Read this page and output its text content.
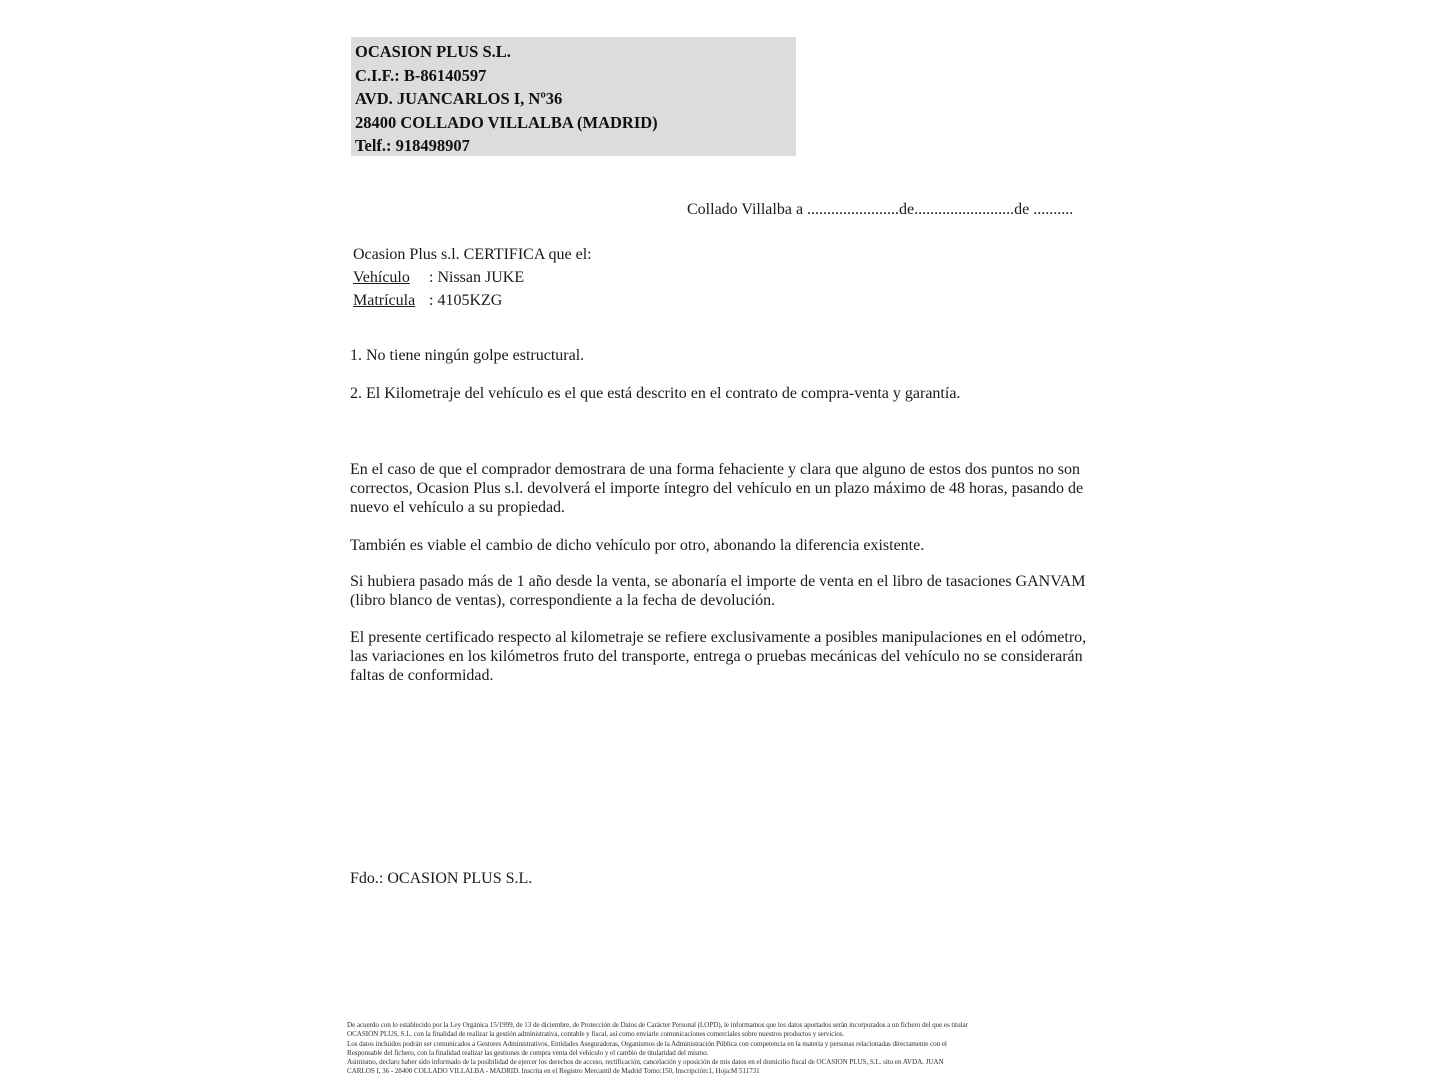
OCASION PLUS S.L.
C.I.F.: B-86140597
AVD. JUANCARLOS I, Nº36
28400 COLLADO VILLALBA (MADRID)
Telf.: 918498907
Collado Villalba a .......................de.........................de ..........
Ocasion Plus s.l. CERTIFICA que el:
Vehículo	: Nissan JUKE
Matrícula : 4105KZG
1. No tiene ningún golpe estructural.
2. El Kilometraje del vehículo es el que está descrito en el contrato de compra-venta y garantía.

En el caso de que el comprador demostrara de una forma fehaciente y clara que alguno de estos dos puntos no son correctos, Ocasion Plus s.l. devolverá el importe íntegro del vehículo en un plazo máximo de 48 horas, pasando de nuevo el vehículo a su propiedad.

También es viable el cambio de dicho vehículo por otro, abonando la diferencia existente.

Si hubiera pasado más de 1 año desde la venta, se abonaría el importe de venta en el libro de tasaciones GANVAM (libro blanco de ventas), correspondiente a la fecha de devolución.

El presente certificado respecto al kilometraje se refiere exclusivamente a posibles manipulaciones en el odómetro, las variaciones en los kilómetros fruto del transporte, entrega o pruebas mecánicas del vehículo no se considerarán faltas de conformidad.

Fdo.: OCASION PLUS S.L.
De acuerdo con lo establecido por la Ley Orgánica 15/1999, de 13 de diciembre, de Protección de Datos de Carácter Personal (LOPD), le informamos que los datos aportados serán incorporados a un fichero del que es titular
OCASIÓN PLUS, S.L. con la finalidad de realizar la gestión administrativa, contable y fiscal, así como enviarle comunicaciones comerciales sobre nuestros productos y servicios.
Los datos incluidos podrán ser comunicados a Gestores Administrativos, Entidades Aseguradoras, Organismos de la Administración Pública con competencia en la materia y personas relacionadas directamente con el
Responsable del fichero, con la finalidad realizar las gestiones de compra venta del vehículo y el cambio de titularidad del mismo.
Asimismo, declaro haber sido informado de la posibilidad de ejercer los derechos de acceso, rectificación, cancelación y oposición de mis datos en el domicilio fiscal de OCASIÓN PLUS, S.L. sito en AVDA. JUAN
CARLOS I, 36 - 28400 COLLADO VILLALBA - MADRID. Inscrita en el Registro Mercantil de Madrid Tomo:150, Inscripción:1, Hoja:M 511731
